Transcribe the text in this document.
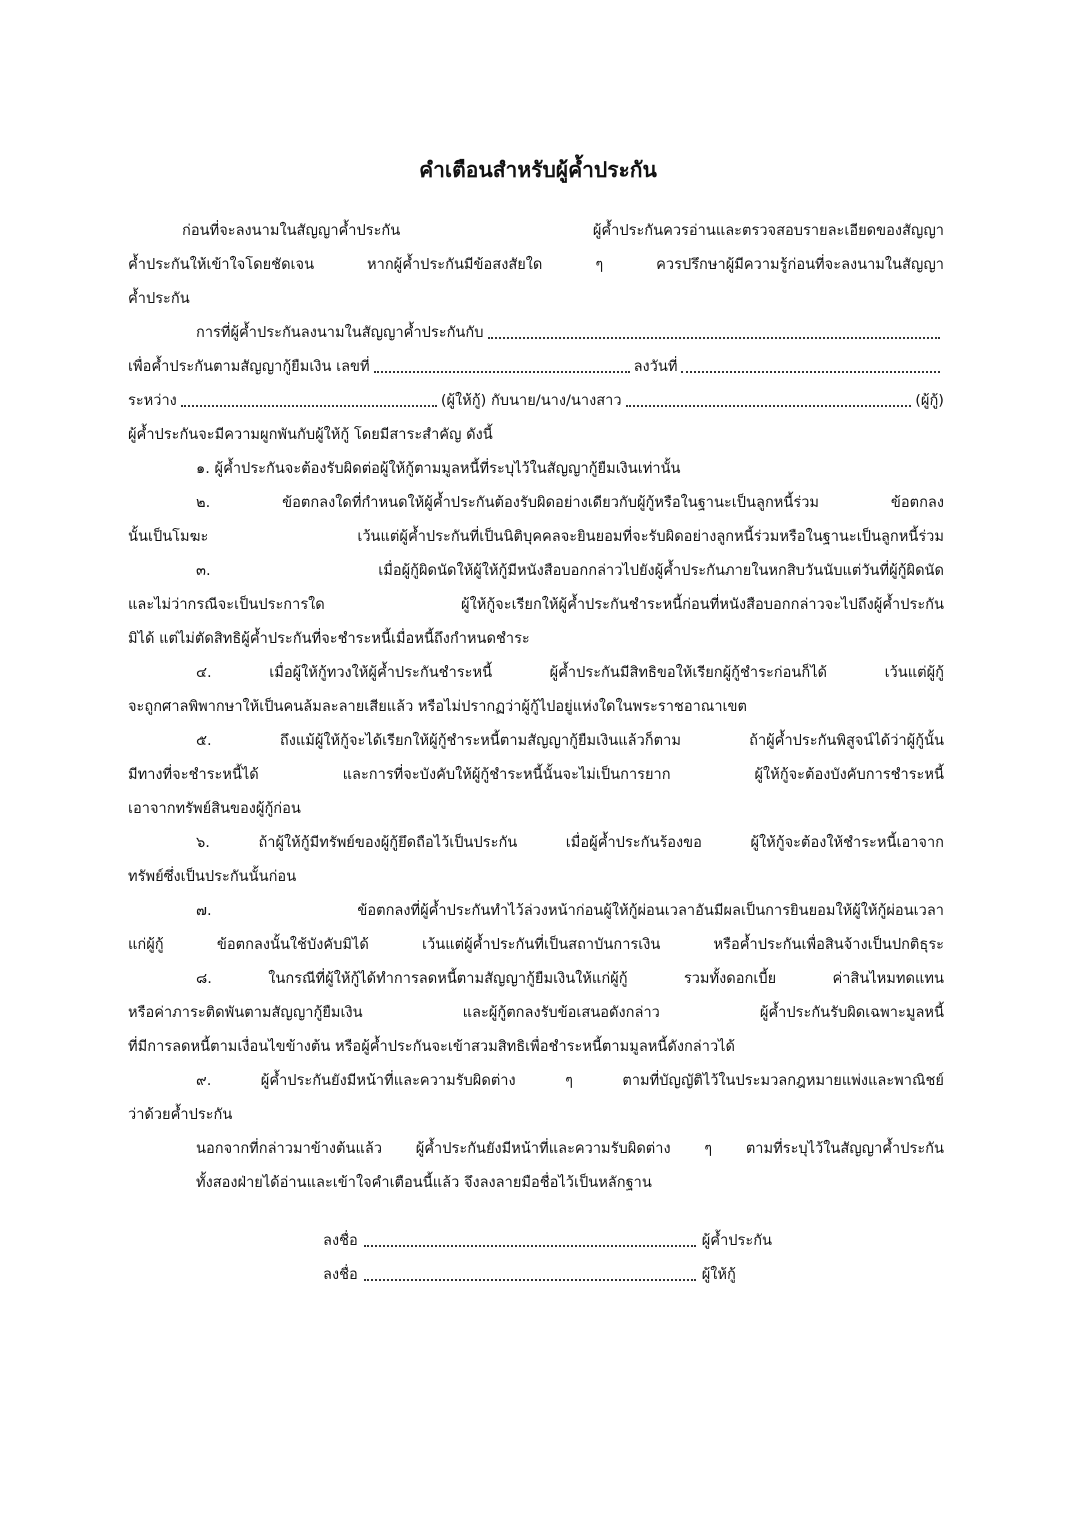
คำเตือนสำหรับผู้ค้ำประกัน
ก่อนที่จะลงนามในสัญญาค้ำประกัน ผู้ค้ำประกันควรอ่านและตรวจสอบรายละเอียดของสัญญา
ค้ำประกันให้เข้าใจโดยชัดเจน หากผู้ค้ำประกันมีข้อสงสัยใด ๆ ควรปรึกษาผู้มีความรู้ก่อนที่จะลงนามในสัญญา
ค้ำประกัน
การที่ผู้ค้ำประกันลงนามในสัญญาค้ำประกันกับ
เพื่อค้ำประกันตามสัญญากู้ยืมเงิน เลขที่	ลงวันที่
ระหว่าง	(ผู้ให้กู้) กับนาย/นาง/นางสาว	(ผู้กู้)
ผู้ค้ำประกันจะมีความผูกพันกับผู้ให้กู้ โดยมีสาระสำคัญ ดังนี้
๑. ผู้ค้ำประกันจะต้องรับผิดต่อผู้ให้กู้ตามมูลหนี้ที่ระบุไว้ในสัญญากู้ยืมเงินเท่านั้น
๒. ข้อตกลงใดที่กำหนดให้ผู้ค้ำประกันต้องรับผิดอย่างเดียวกับผู้กู้หรือในฐานะเป็นลูกหนี้ร่วม ข้อตกลง
นั้นเป็นโมฆะ เว้นแต่ผู้ค้ำประกันที่เป็นนิติบุคคลจะยินยอมที่จะรับผิดอย่างลูกหนี้ร่วมหรือในฐานะเป็นลูกหนี้ร่วม
๓. เมื่อผู้กู้ผิดนัดให้ผู้ให้กู้มีหนังสือบอกกล่าวไปยังผู้ค้ำประกันภายในหกสิบวันนับแต่วันที่ผู้กู้ผิดนัด
และไม่ว่ากรณีจะเป็นประการใด ผู้ให้กู้จะเรียกให้ผู้ค้ำประกันชำระหนี้ก่อนที่หนังสือบอกกล่าวจะไปถึงผู้ค้ำประกัน
มิได้ แต่ไม่ตัดสิทธิผู้ค้ำประกันที่จะชำระหนี้เมื่อหนี้ถึงกำหนดชำระ
๔. เมื่อผู้ให้กู้ทวงให้ผู้ค้ำประกันชำระหนี้ ผู้ค้ำประกันมีสิทธิขอให้เรียกผู้กู้ชำระก่อนก็ได้ เว้นแต่ผู้กู้
จะถูกศาลพิพากษาให้เป็นคนล้มละลายเสียแล้ว หรือไม่ปรากฏว่าผู้กู้ไปอยู่แห่งใดในพระราชอาณาเขต
๕. ถึงแม้ผู้ให้กู้จะได้เรียกให้ผู้กู้ชำระหนี้ตามสัญญากู้ยืมเงินแล้วก็ตาม ถ้าผู้ค้ำประกันพิสูจน์ได้ว่าผู้กู้นั้น
มีทางที่จะชำระหนี้ได้ และการที่จะบังคับให้ผู้กู้ชำระหนี้นั้นจะไม่เป็นการยาก ผู้ให้กู้จะต้องบังคับการชำระหนี้
เอาจากทรัพย์สินของผู้กู้ก่อน
๖. ถ้าผู้ให้กู้มีทรัพย์ของผู้กู้ยึดถือไว้เป็นประกัน เมื่อผู้ค้ำประกันร้องขอ ผู้ให้กู้จะต้องให้ชำระหนี้เอาจาก
ทรัพย์ซึ่งเป็นประกันนั้นก่อน
๗. ข้อตกลงที่ผู้ค้ำประกันทำไว้ล่วงหน้าก่อนผู้ให้กู้ผ่อนเวลาอันมีผลเป็นการยินยอมให้ผู้ให้กู้ผ่อนเวลา
แก่ผู้กู้ ข้อตกลงนั้นใช้บังคับมิได้ เว้นแต่ผู้ค้ำประกันที่เป็นสถาบันการเงิน หรือค้ำประกันเพื่อสินจ้างเป็นปกติธุระ
๘. ในกรณีที่ผู้ให้กู้ได้ทำการลดหนี้ตามสัญญากู้ยืมเงินให้แก่ผู้กู้ รวมทั้งดอกเบี้ย ค่าสินไหมทดแทน
หรือค่าภาระติดพันตามสัญญากู้ยืมเงิน และผู้กู้ตกลงรับข้อเสนอดังกล่าว ผู้ค้ำประกันรับผิดเฉพาะมูลหนี้
ที่มีการลดหนี้ตามเงื่อนไขข้างต้น หรือผู้ค้ำประกันจะเข้าสวมสิทธิเพื่อชำระหนี้ตามมูลหนี้ดังกล่าวได้
๙. ผู้ค้ำประกันยังมีหน้าที่และความรับผิดต่าง ๆ ตามที่บัญญัติไว้ในประมวลกฎหมายแพ่งและพาณิชย์
ว่าด้วยค้ำประกัน
นอกจากที่กล่าวมาข้างต้นแล้ว ผู้ค้ำประกันยังมีหน้าที่และความรับผิดต่าง ๆ ตามที่ระบุไว้ในสัญญาค้ำประกัน
ทั้งสองฝ่ายได้อ่านและเข้าใจคำเตือนนี้แล้ว จึงลงลายมือชื่อไว้เป็นหลักฐาน
ลงชื่อ	ผู้ค้ำประกัน
ลงชื่อ	ผู้ให้กู้
